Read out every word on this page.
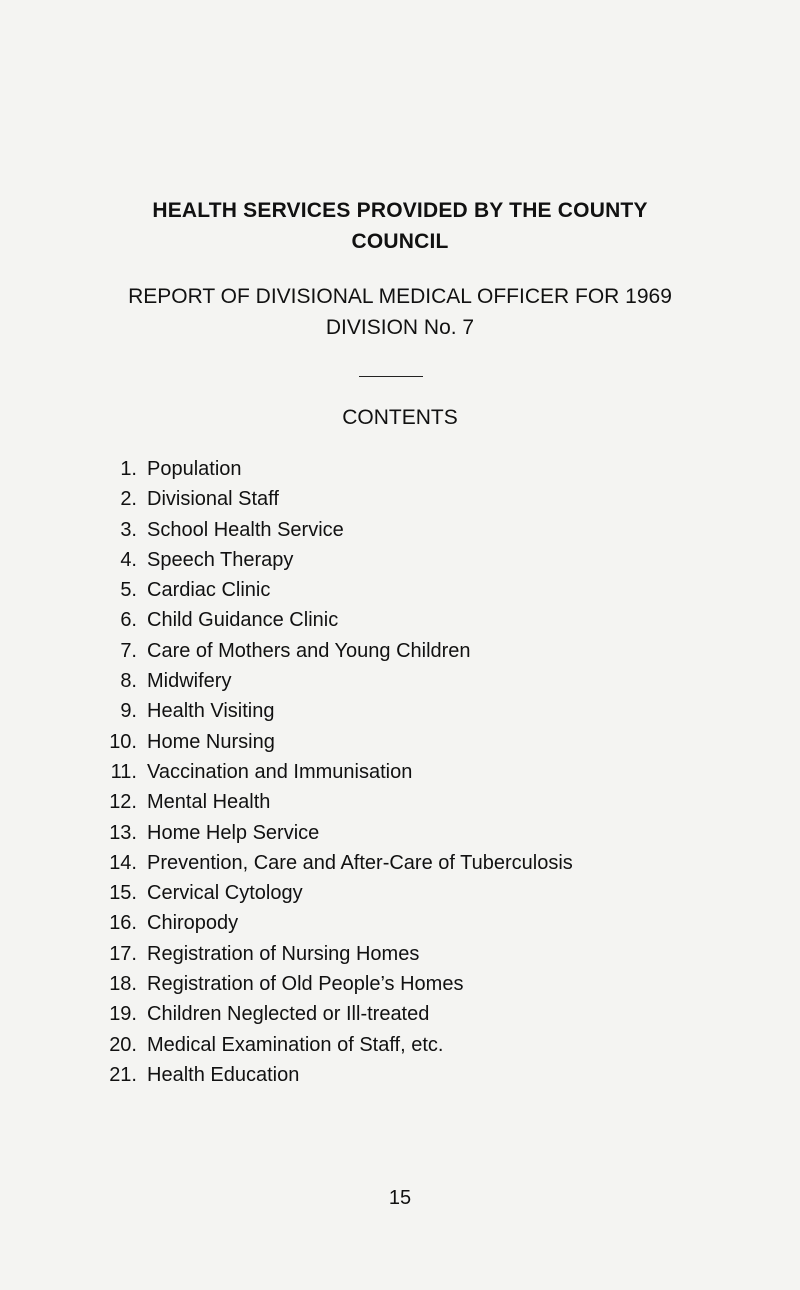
HEALTH SERVICES PROVIDED BY THE COUNTY
COUNCIL
REPORT OF DIVISIONAL MEDICAL OFFICER FOR 1969
DIVISION No. 7
CONTENTS
1. Population
2. Divisional Staff
3. School Health Service
4. Speech Therapy
5. Cardiac Clinic
6. Child Guidance Clinic
7. Care of Mothers and Young Children
8. Midwifery
9. Health Visiting
10. Home Nursing
11. Vaccination and Immunisation
12. Mental Health
13. Home Help Service
14. Prevention, Care and After-Care of Tuberculosis
15. Cervical Cytology
16. Chiropody
17. Registration of Nursing Homes
18. Registration of Old People’s Homes
19. Children Neglected or Ill-treated
20. Medical Examination of Staff, etc.
21. Health Education
15
